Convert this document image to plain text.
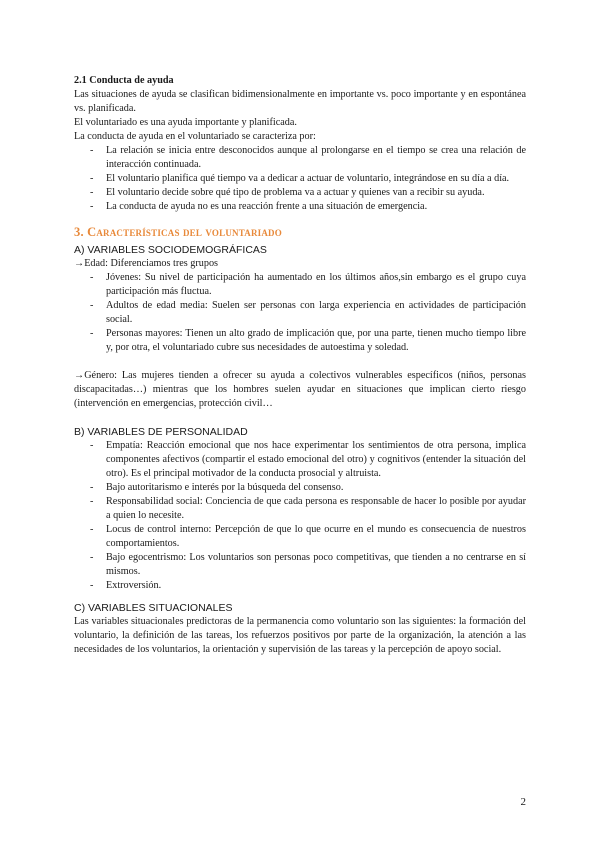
2.1 Conducta de ayuda

Las situaciones de ayuda se clasifican bidimensionalmente en importante vs. poco importante y en espontánea vs. planificada.

El voluntariado es una ayuda importante y planificada.

La conducta de ayuda en el voluntariado se caracteriza por:

- La relación se inicia entre desconocidos aunque al prolongarse en el tiempo se crea una relación de interacción continuada.
- El voluntario planifica qué tiempo va a dedicar a actuar de voluntario, integrándose en su día a día.
- El voluntario decide sobre qué tipo de problema va a actuar y quienes van a recibir su ayuda.
- La conducta de ayuda no es una reacción frente a una situación de emergencia.
3. Características del voluntariado

A) VARIABLES SOCIODEMOGRÁFICAS

→Edad: Diferenciamos tres grupos

- Jóvenes: Su nivel de participación ha aumentado en los últimos años,sin embargo es el grupo cuya participación más fluctua.
- Adultos de edad media: Suelen ser personas con larga experiencia en actividades de participación social.
- Personas mayores: Tienen un alto grado de implicación que, por una parte, tienen mucho tiempo libre y, por otra, el voluntariado cubre sus necesidades de autoestima y soledad.

→Género: Las mujeres tienden a ofrecer su ayuda a colectivos vulnerables específicos (niños, personas discapacitadas…) mientras que los hombres suelen ayudar en situaciones que implican cierto riesgo (intervención en emergencias, protección civil…

B) VARIABLES DE PERSONALIDAD

- Empatía: Reacción emocional que nos hace experimentar los sentimientos de otra persona, implica componentes afectivos (compartir el estado emocional del otro) y cognitivos (entender la situación del otro). Es el principal motivador de la conducta prosocial y altruista.
- Bajo autoritarismo e interés por la búsqueda del consenso.
- Responsabilidad social: Conciencia de que cada persona es responsable de hacer lo posible por ayudar a quien lo necesite.
- Locus de control interno: Percepción de que lo que ocurre en el mundo es consecuencia de nuestros comportamientos.
- Bajo egocentrismo: Los voluntarios son personas poco competitivas, que tienden a no centrarse en sí mismos.
- Extroversión.

C) VARIABLES SITUACIONALES

Las variables situacionales predictoras de la permanencia como voluntario son las siguientes: la formación del voluntario, la definición de las tareas, los refuerzos positivos por parte de la organización, la atención a las necesidades de los voluntarios, la orientación y supervisión de las tareas y la percepción de apoyo social.

2
